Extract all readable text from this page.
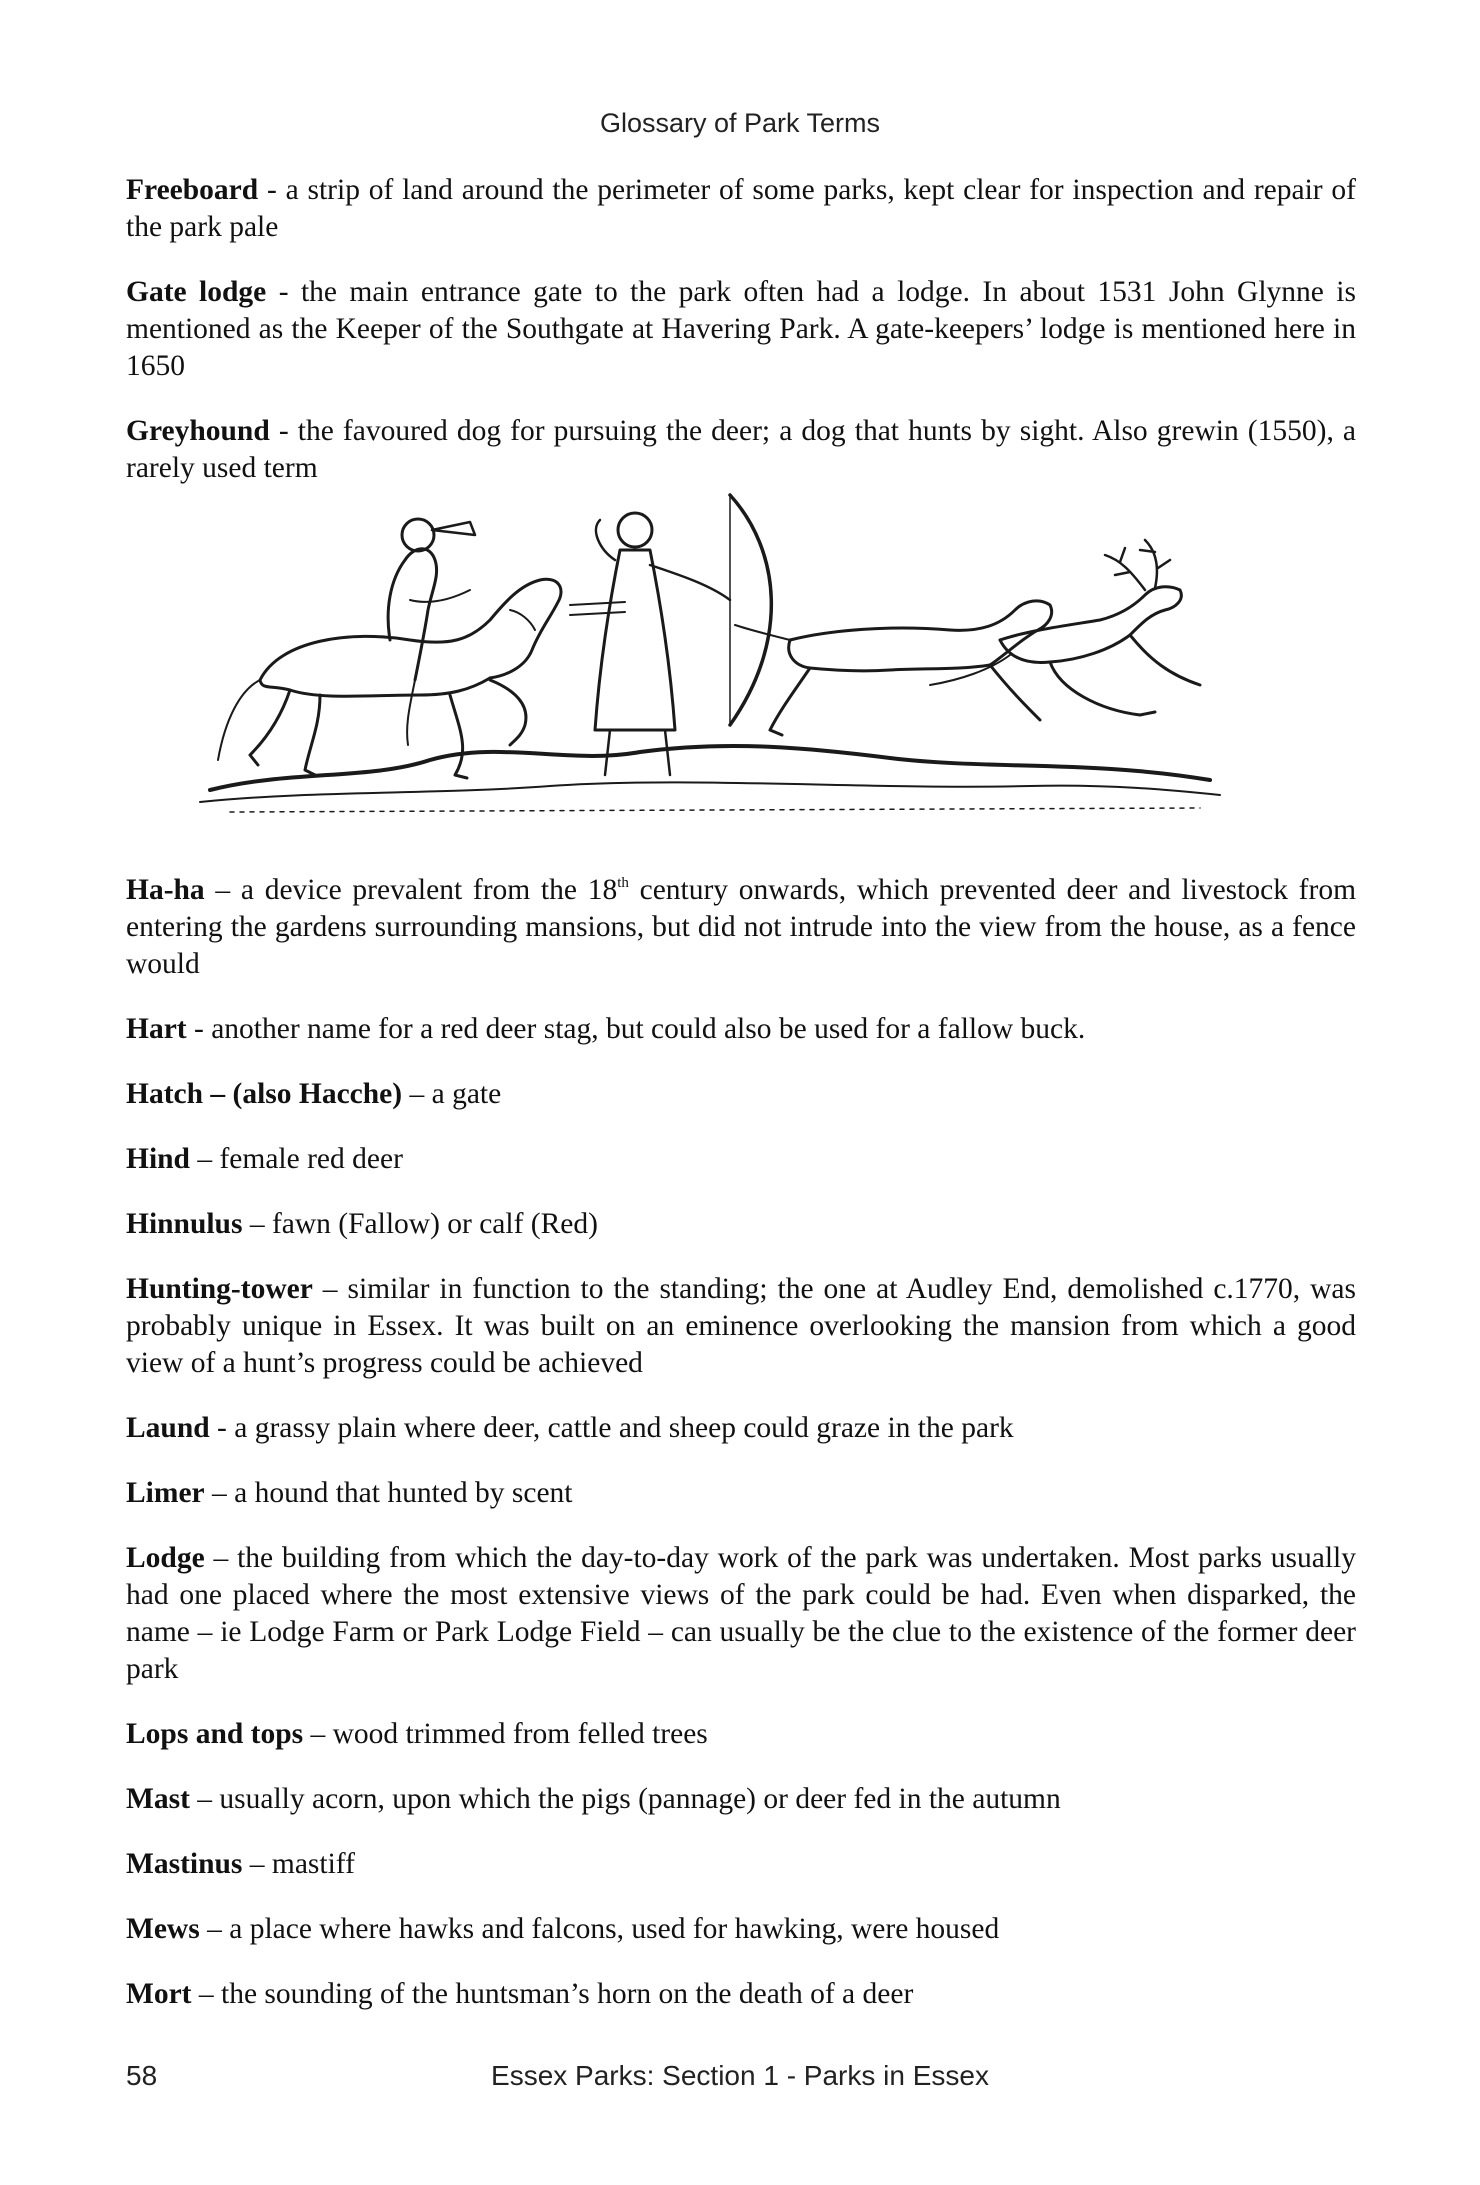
Glossary of Park Terms

Freeboard - a strip of land around the perimeter of some parks, kept clear for inspection and repair of the park pale

Gate lodge - the main entrance gate to the park often had a lodge. In about 1531 John Glynne is mentioned as the Keeper of the Southgate at Havering Park. A gate-keepers’ lodge is mentioned here in 1650

Greyhound - the favoured dog for pursuing the deer; a dog that hunts by sight. Also grewin (1550), a rarely used term

Ha-ha – a device prevalent from the 18th century onwards, which prevented deer and livestock from entering the gardens surrounding mansions, but did not intrude into the view from the house, as a fence would

Hart - another name for a red deer stag, but could also be used for a fallow buck.

Hatch – (also Hacche) – a gate

Hind – female red deer

Hinnulus – fawn (Fallow) or calf (Red)

Hunting-tower – similar in function to the standing; the one at Audley End, demolished c.1770, was probably unique in Essex. It was built on an eminence overlooking the mansion from which a good view of a hunt’s progress could be achieved

Laund - a grassy plain where deer, cattle and sheep could graze in the park

Limer – a hound that hunted by scent

Lodge – the building from which the day-to-day work of the park was undertaken. Most parks usually had one placed where the most extensive views of the park could be had. Even when disparked, the name – ie Lodge Farm or Park Lodge Field – can usually be the clue to the existence of the former deer park

Lops and tops – wood trimmed from felled trees

Mast – usually acorn, upon which the pigs (pannage) or deer fed in the autumn

Mastinus – mastiff

Mews – a place where hawks and falcons, used for hawking, were housed

Mort – the sounding of the huntsman’s horn on the death of a deer

58	Essex Parks: Section 1 - Parks in Essex
